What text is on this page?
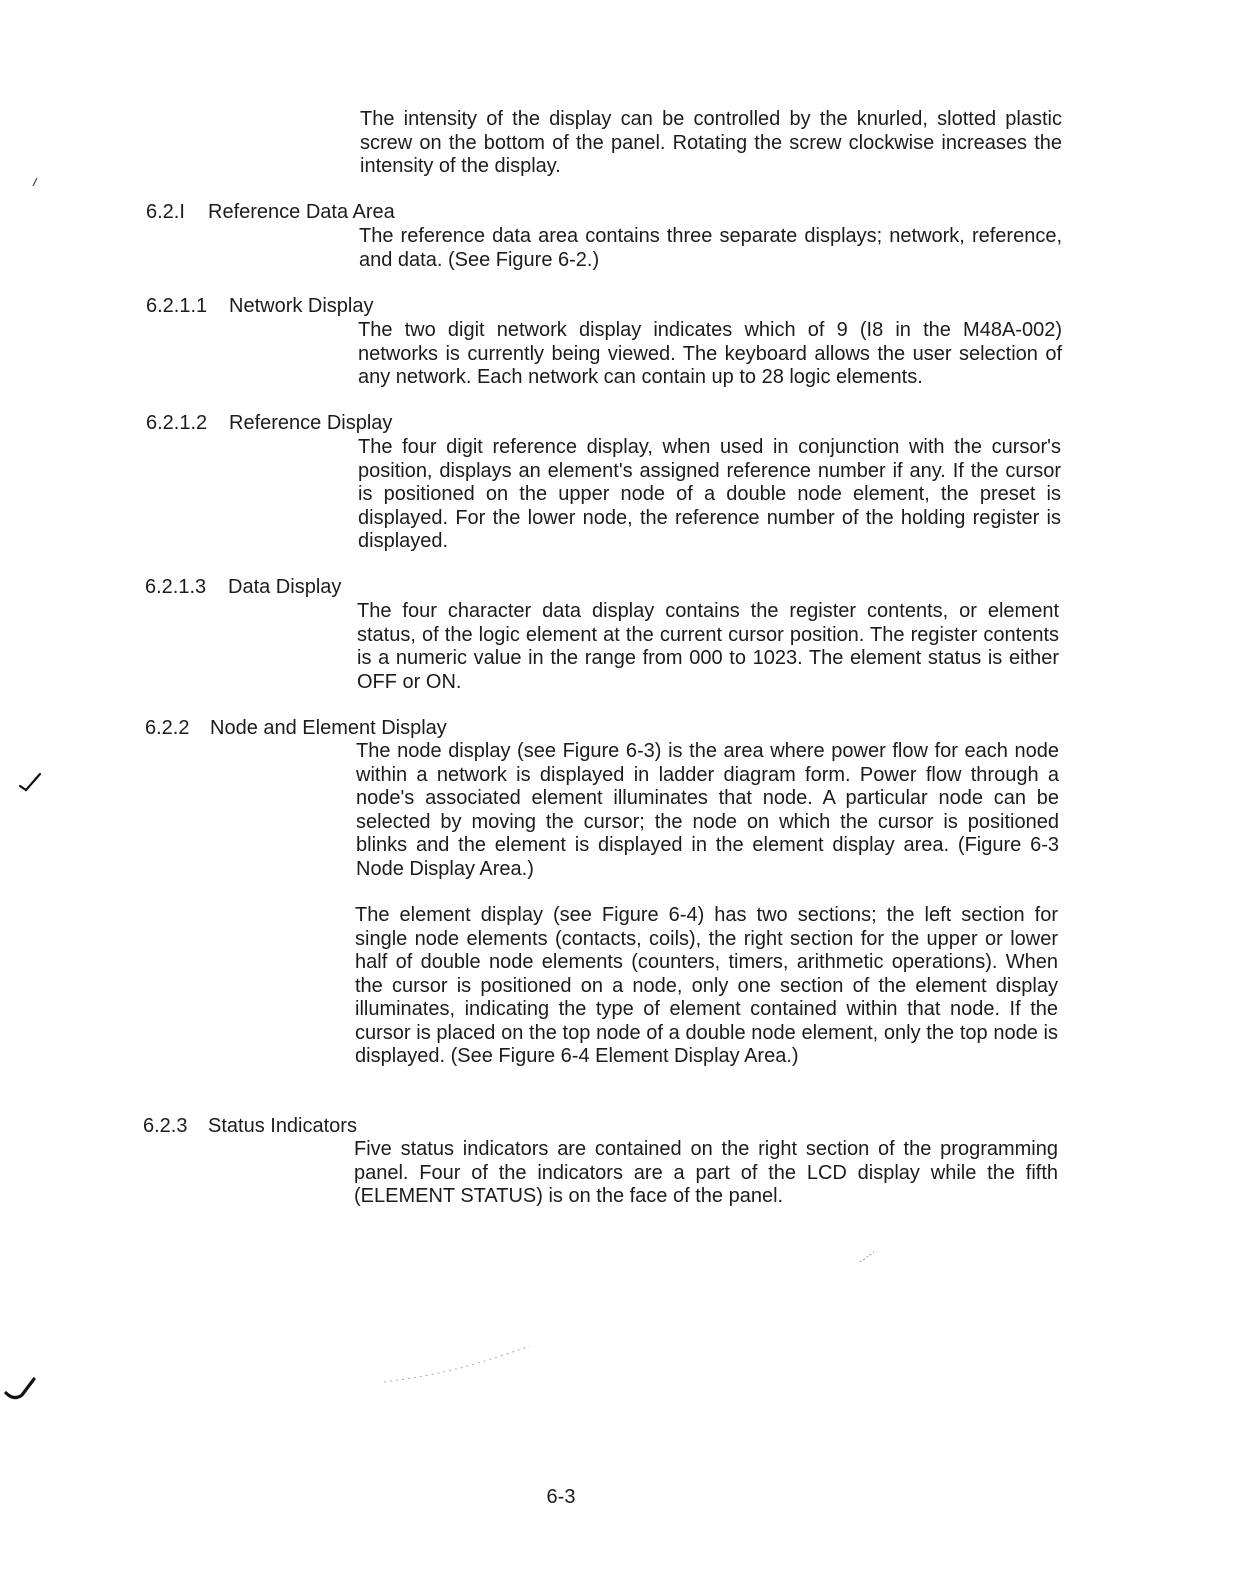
The intensity of the display can be controlled by the knurled, slotted plastic screw on the bottom of the panel. Rotating the screw clockwise increases the intensity of the display.

6.2.I Reference Data Area

The reference data area contains three separate displays; network, reference, and data. (See Figure 6-2.)

6.2.1.1 Network Display

The two digit network display indicates which of 9 (I8 in the M48A-002) networks is currently being viewed. The keyboard allows the user selection of any network. Each network can contain up to 28 logic elements.

6.2.1.2 Reference Display

The four digit reference display, when used in conjunction with the cursor's position, displays an element's assigned reference number if any. If the cursor is positioned on the upper node of a double node element, the preset is displayed. For the lower node, the reference number of the holding register is displayed.

6.2.1.3 Data Display

The four character data display contains the register contents, or element status, of the logic element at the current cursor position. The register contents is a numeric value in the range from 000 to 1023. The element status is either OFF or ON.

6.2.2 Node and Element Display

The node display (see Figure 6-3) is the area where power flow for each node within a network is displayed in ladder diagram form. Power flow through a node's associated element illuminates that node. A particular node can be selected by moving the cursor; the node on which the cursor is positioned blinks and the element is displayed in the element display area. (Figure 6-3 Node Display Area.)

The element display (see Figure 6-4) has two sections; the left section for single node elements (contacts, coils), the right section for the upper or lower half of double node elements (counters, timers, arithmetic operations). When the cursor is positioned on a node, only one section of the element display illuminates, indicating the type of element contained within that node. If the cursor is placed on the top node of a double node element, only the top node is displayed. (See Figure 6-4 Element Display Area.)

6.2.3 Status Indicators

Five status indicators are contained on the right section of the programming panel. Four of the indicators are a part of the LCD display while the fifth (ELEMENT STATUS) is on the face of the panel.

6-3
